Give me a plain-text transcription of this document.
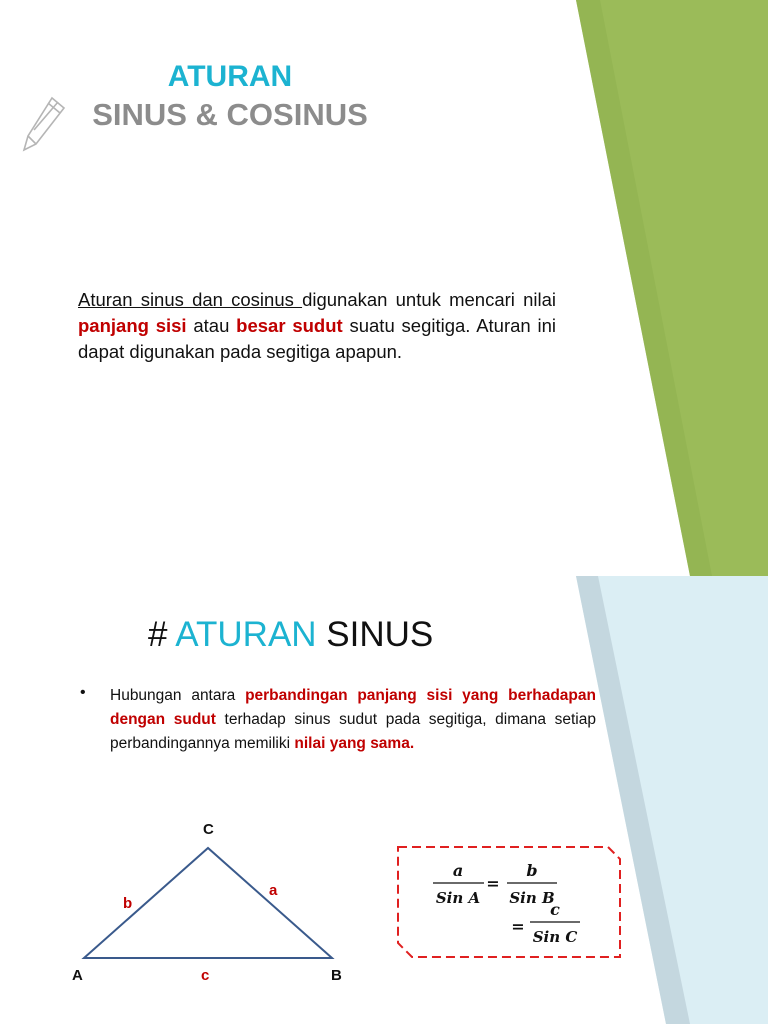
ATURAN
SINUS & COSINUS
Aturan sinus dan cosinus digunakan untuk mencari nilai panjang sisi atau besar sudut suatu segitiga. Aturan ini dapat digunakan pada segitiga apapun.
# ATURAN SINUS
• Hubungan antara perbandingan panjang sisi yang berhadapan dengan sudut terhadap sinus sudut pada segitiga, dimana setiap perbandingannya memiliki nilai yang sama.
C
A	B
b
a
c
a
Sin A
=
b
Sin B
=
c
Sin C
